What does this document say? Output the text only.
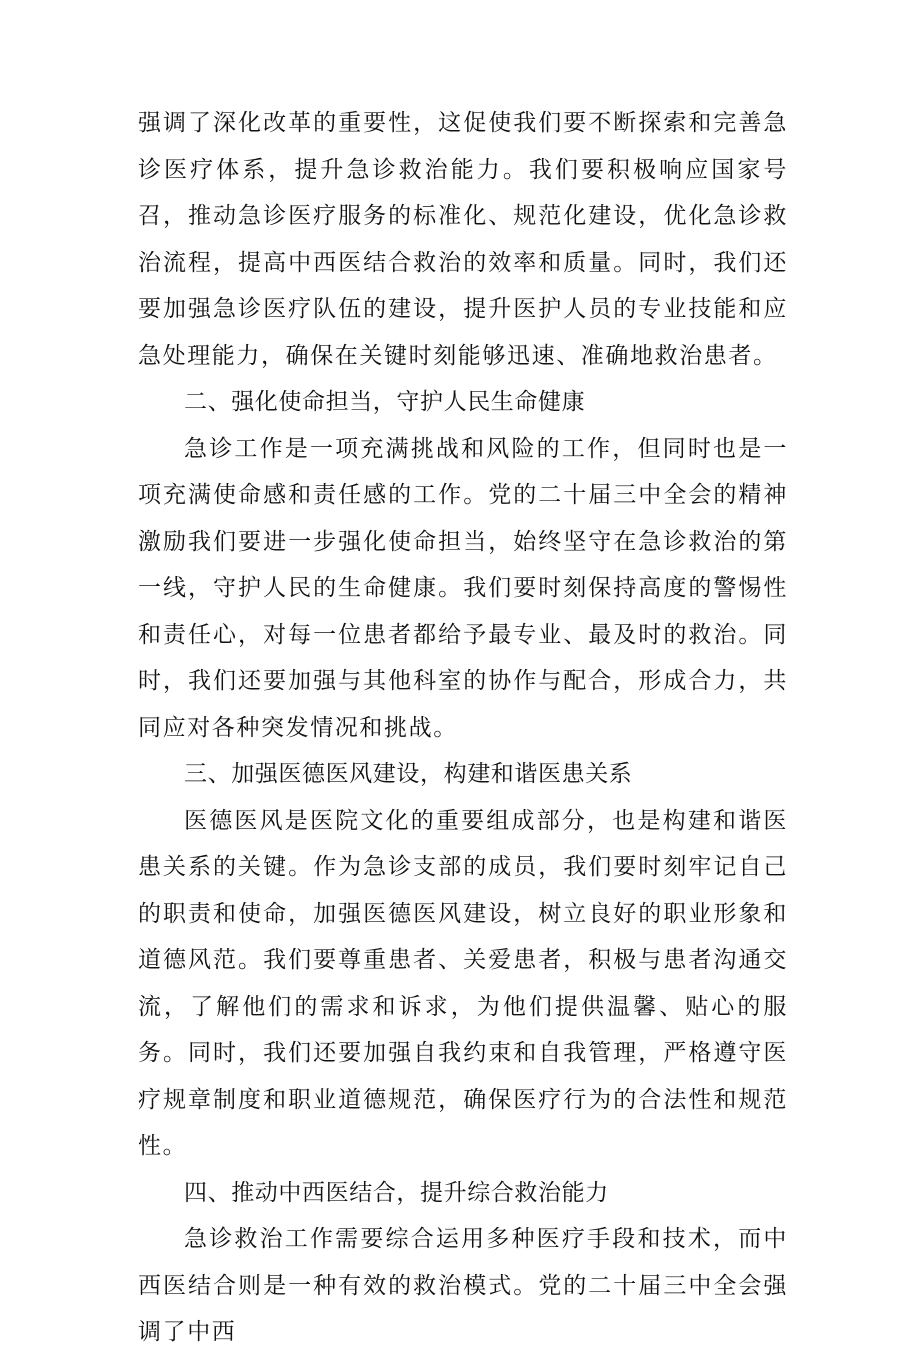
强调了深化改革的重要性，这促使我们要不断探索和完善急诊医疗体系，提升急诊救治能力。我们要积极响应国家号召，推动急诊医疗服务的标准化、规范化建设，优化急诊救治流程，提高中西医结合救治的效率和质量。同时，我们还要加强急诊医疗队伍的建设，提升医护人员的专业技能和应急处理能力，确保在关键时刻能够迅速、准确地救治患者。

二、强化使命担当，守护人民生命健康

急诊工作是一项充满挑战和风险的工作，但同时也是一项充满使命感和责任感的工作。党的二十届三中全会的精神激励我们要进一步强化使命担当，始终坚守在急诊救治的第一线，守护人民的生命健康。我们要时刻保持高度的警惕性和责任心，对每一位患者都给予最专业、最及时的救治。同时，我们还要加强与其他科室的协作与配合，形成合力，共同应对各种突发情况和挑战。

三、加强医德医风建设，构建和谐医患关系

医德医风是医院文化的重要组成部分，也是构建和谐医患关系的关键。作为急诊支部的成员，我们要时刻牢记自己的职责和使命，加强医德医风建设，树立良好的职业形象和道德风范。我们要尊重患者、关爱患者，积极与患者沟通交流，了解他们的需求和诉求，为他们提供温馨、贴心的服务。同时，我们还要加强自我约束和自我管理，严格遵守医疗规章制度和职业道德规范，确保医疗行为的合法性和规范性。

四、推动中西医结合，提升综合救治能力

急诊救治工作需要综合运用多种医疗手段和技术，而中西医结合则是一种有效的救治模式。党的二十届三中全会强调了中西
